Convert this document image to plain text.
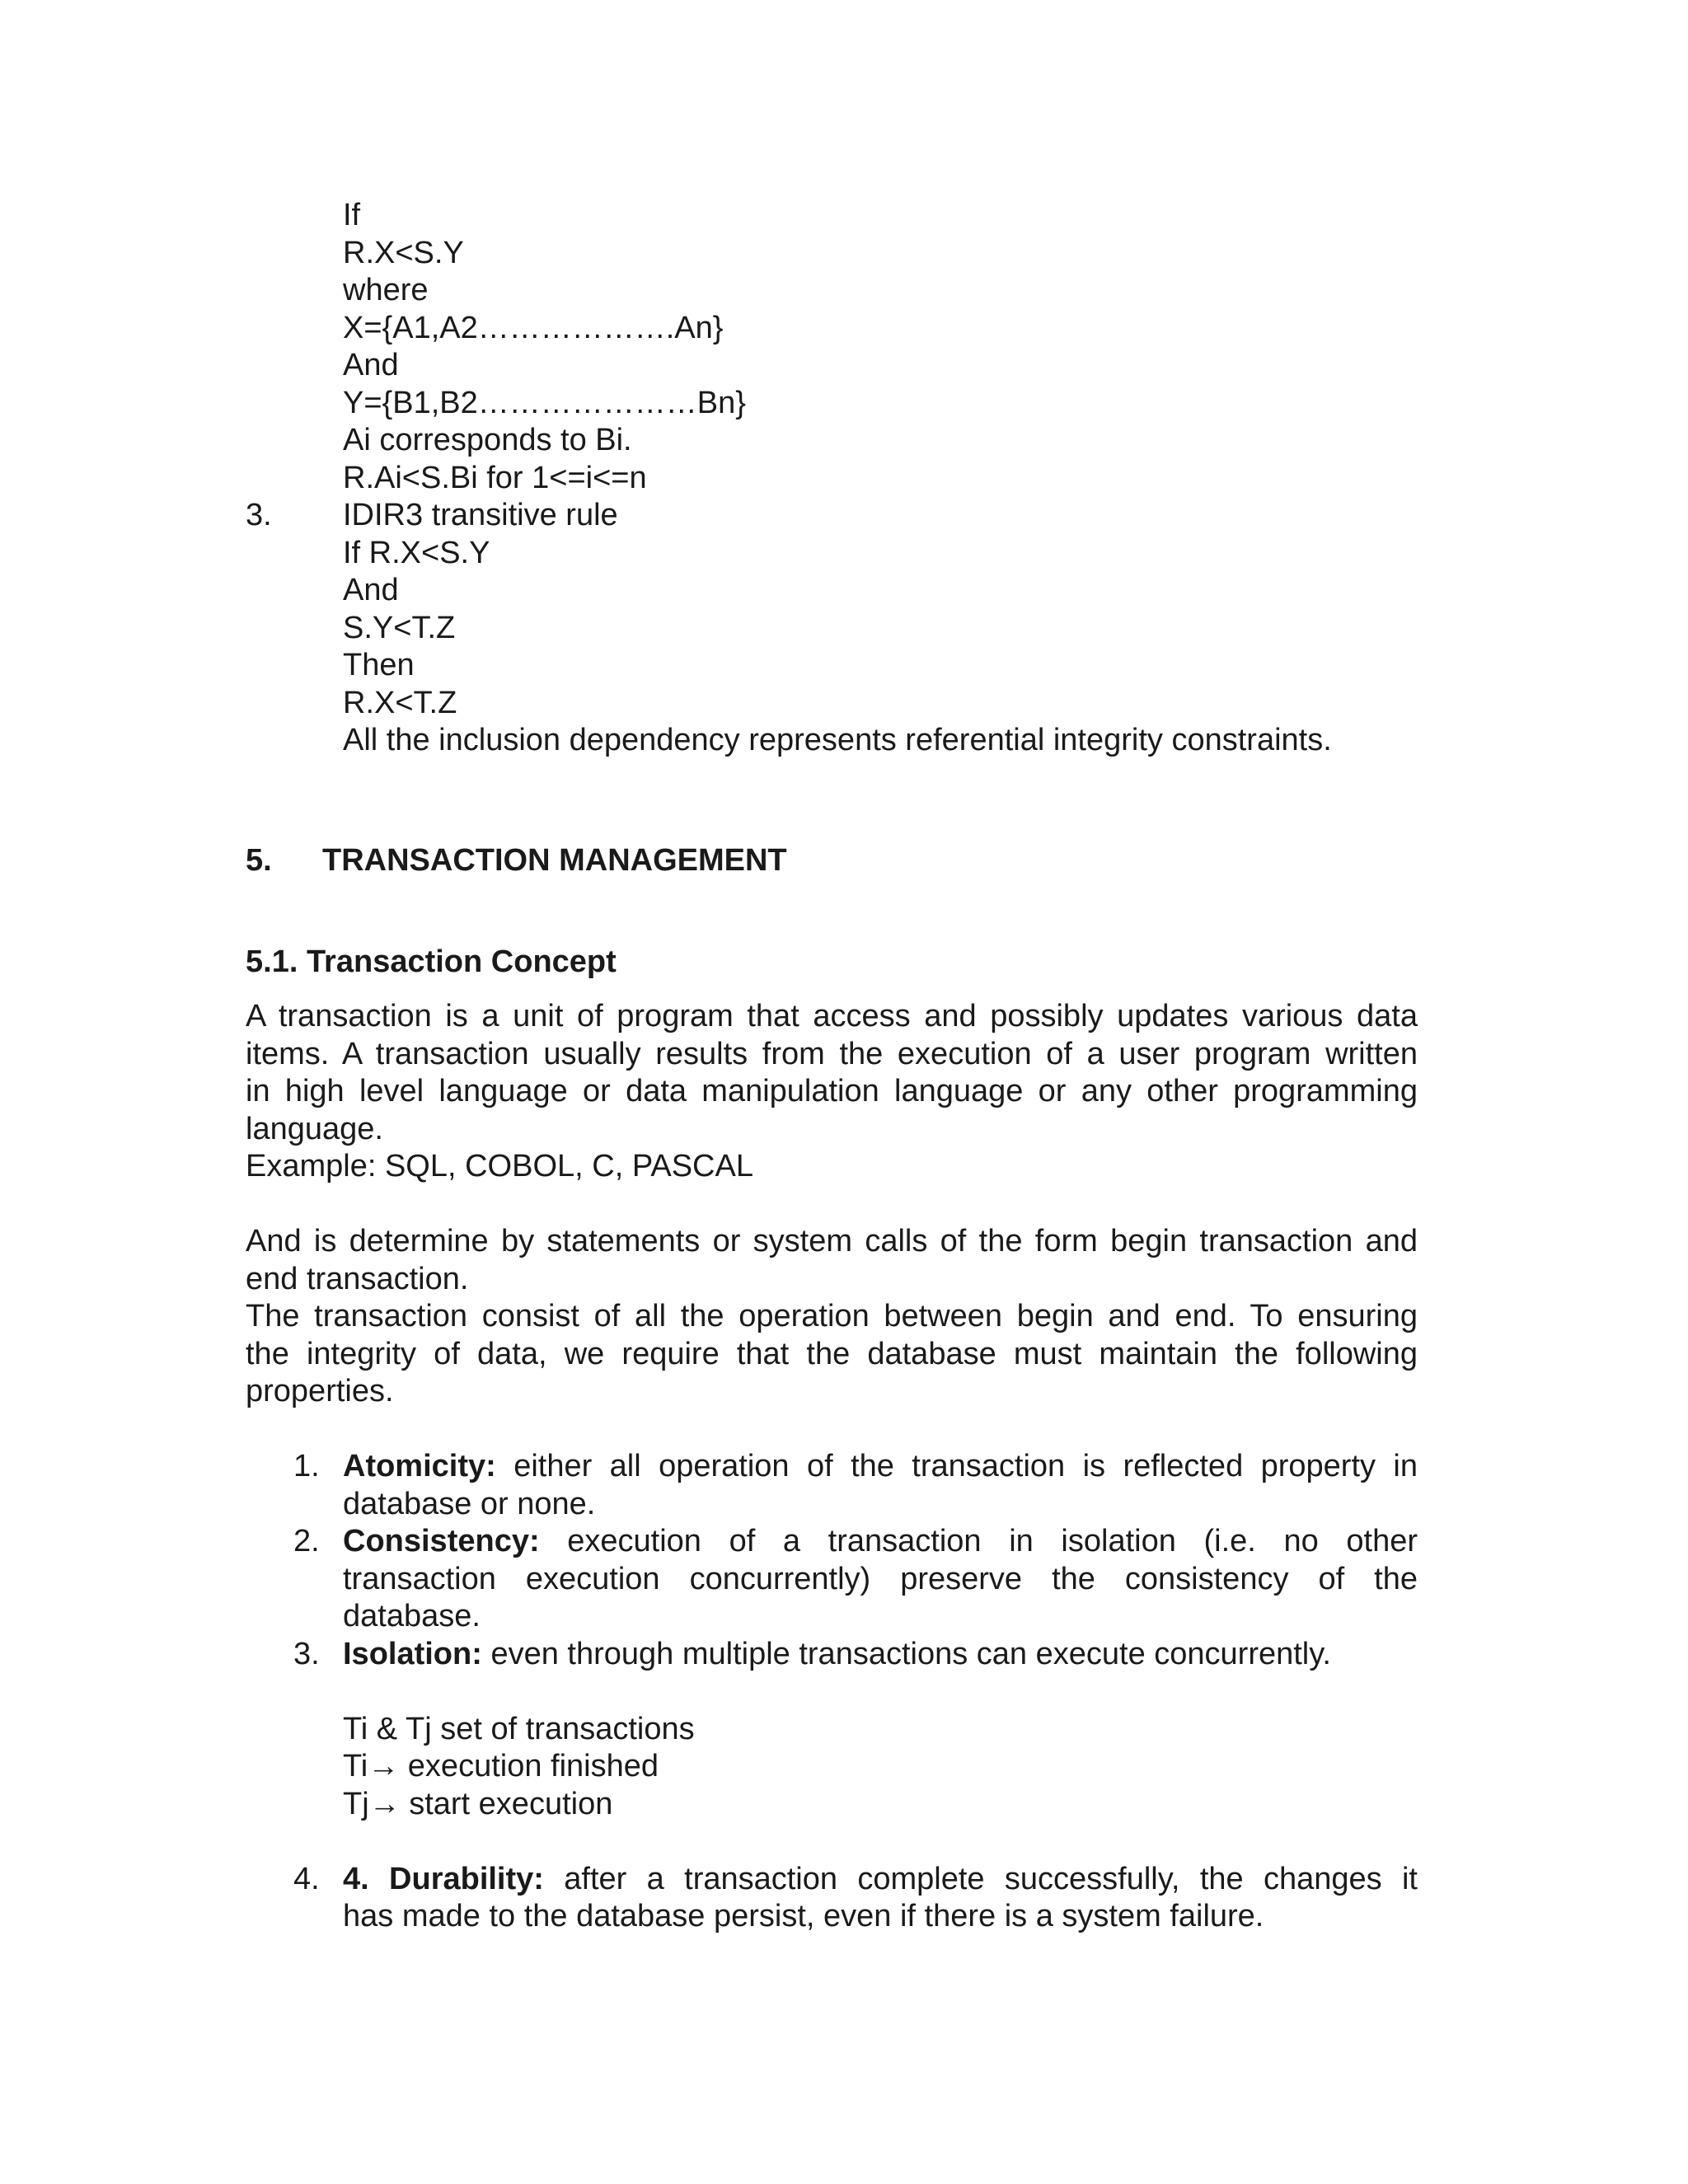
If
R.X<S.Y
where
X={A1,A2……………….An}
And
Y={B1,B2…………………Bn}
Ai corresponds to Bi.
R.Ai<S.Bi for 1<=i<=n
3. IDIR3 transitive rule
If R.X<S.Y
And
S.Y<T.Z
Then
R.X<T.Z
All the inclusion dependency represents referential integrity constraints.
5. TRANSACTION MANAGEMENT
5.1. Transaction Concept
A transaction is a unit of program that access and possibly updates various data
items. A transaction usually results from the execution of a user program written
in high level language or data manipulation language or any other programming
language.
Example: SQL, COBOL, C, PASCAL
And is determine by statements or system calls of the form begin transaction and
end transaction.
The transaction consist of all the operation between begin and end. To ensuring
the integrity of data, we require that the database must maintain the following
properties.
1. Atomicity: either all operation of the transaction is reflected property in
database or none.
2. Consistency: execution of a transaction in isolation (i.e. no other
transaction execution concurrently) preserve the consistency of the
database.
3. Isolation: even through multiple transactions can execute concurrently.
Ti & Tj set of transactions
Ti→ execution finished
Tj→ start execution
4. 4. Durability: after a transaction complete successfully, the changes it
has made to the database persist, even if there is a system failure.
